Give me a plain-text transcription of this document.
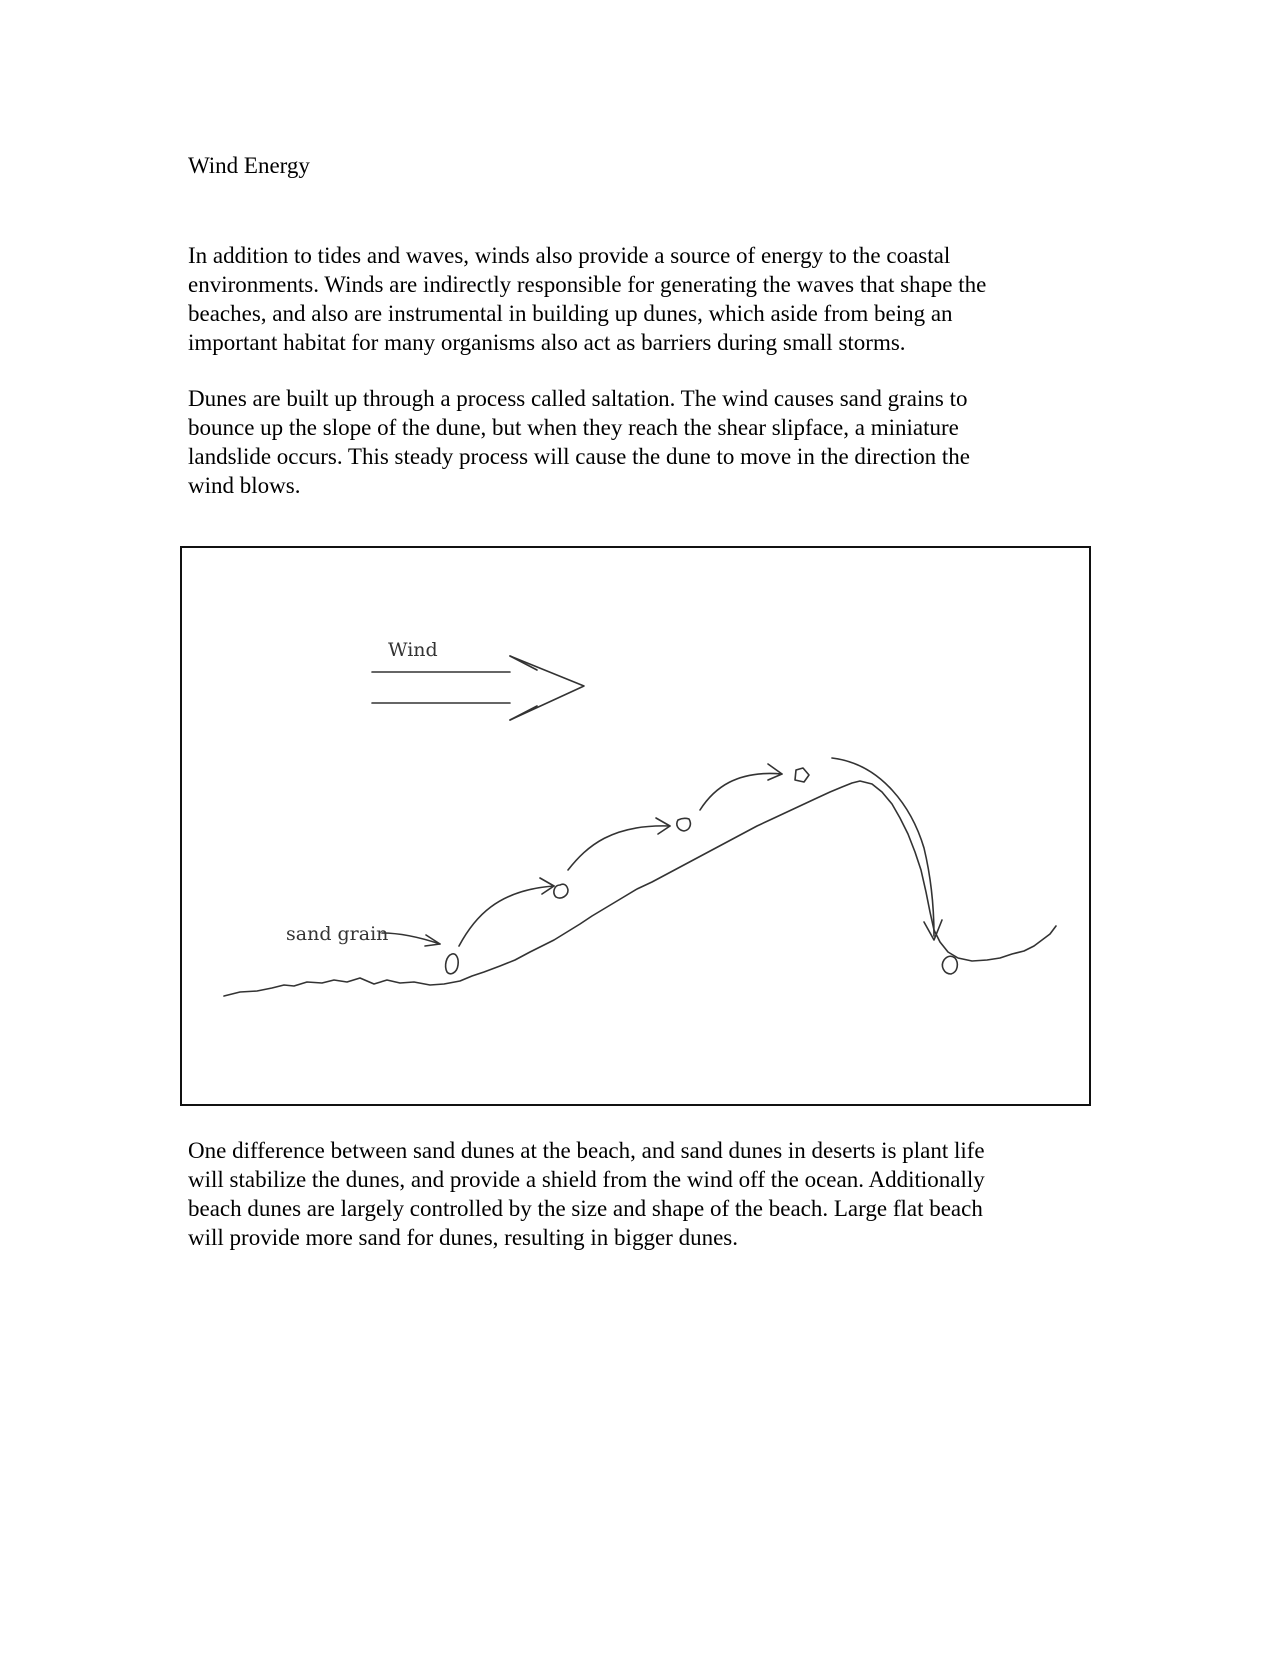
Wind Energy
In addition to tides and waves, winds also provide a source of energy to the coastal
environments. Winds are indirectly responsible for generating the waves that shape the
beaches, and also are instrumental in building up dunes, which aside from being an
important habitat for many organisms also act as barriers during small storms.
Dunes are built up through a process called saltation. The wind causes sand grains to
bounce up the slope of the dune, but when they reach the shear slipface, a miniature
landslide occurs. This steady process will cause the dune to move in the direction the
wind blows.
Wind
sand grain
One difference between sand dunes at the beach, and sand dunes in deserts is plant life
will stabilize the dunes, and provide a shield from the wind off the ocean. Additionally
beach dunes are largely controlled by the size and shape of the beach. Large flat beach
will provide more sand for dunes, resulting in bigger dunes.
